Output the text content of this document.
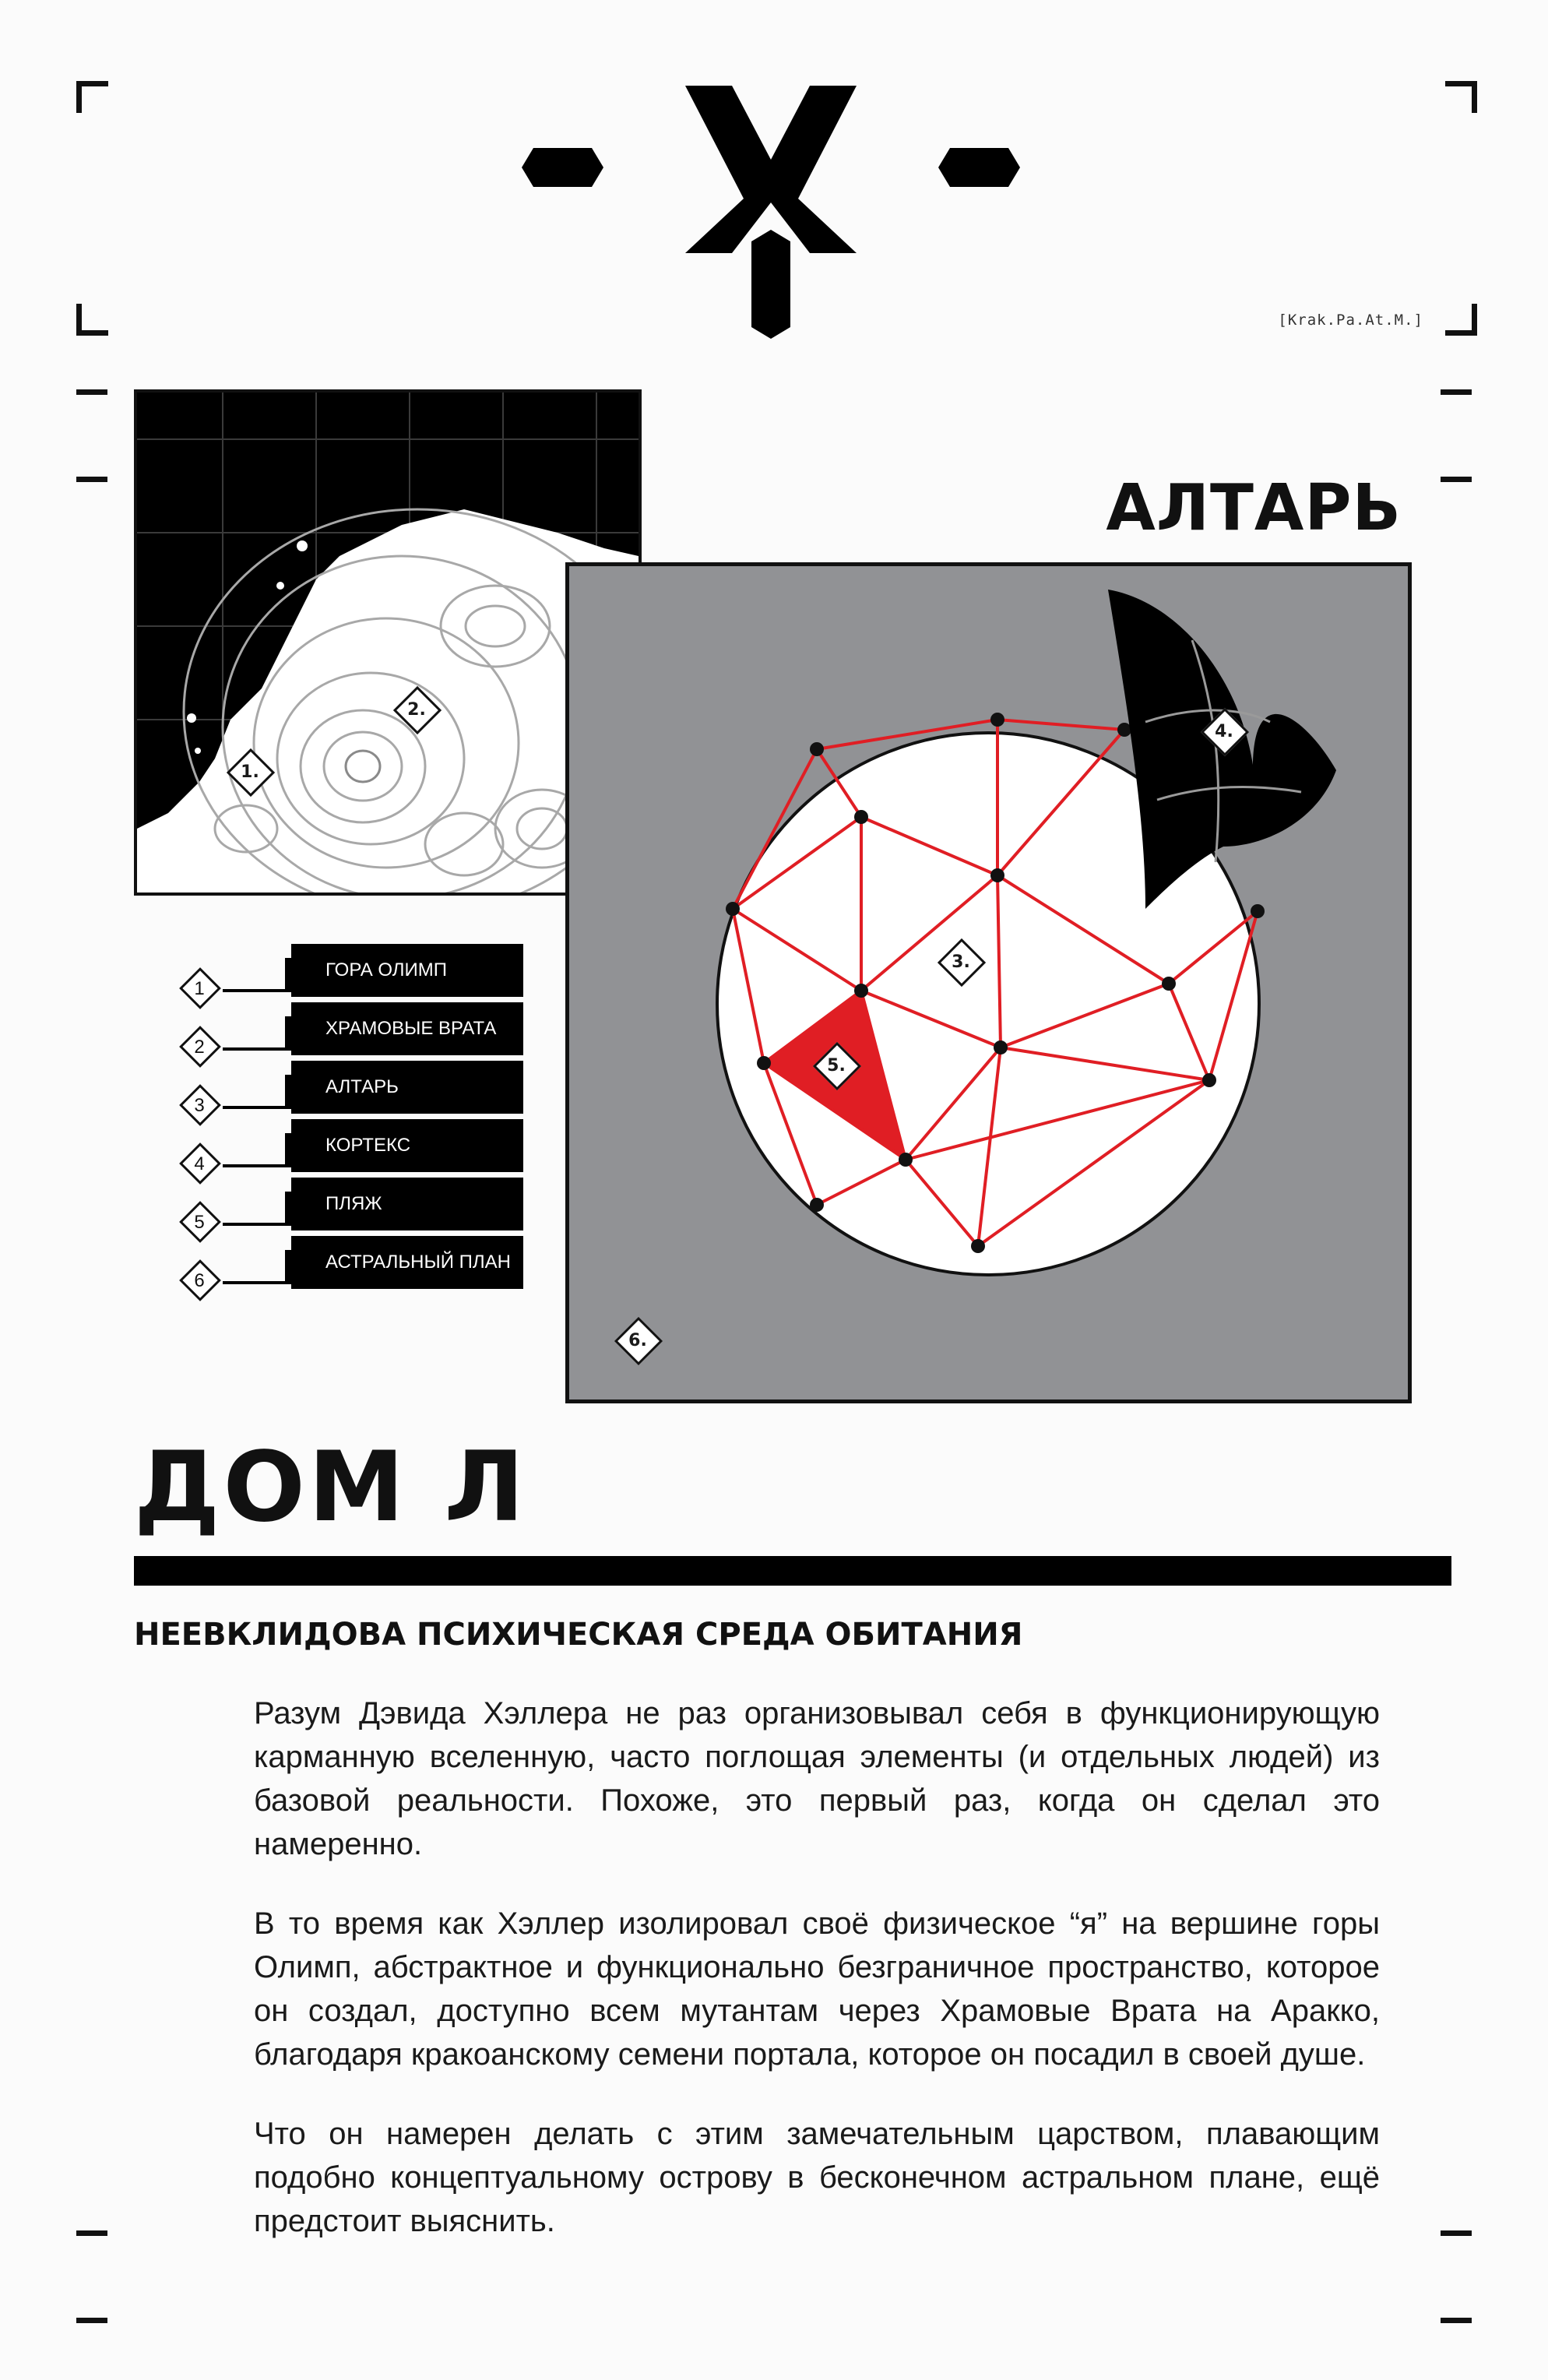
[Krak.Pa.At.M.]
1.
2.
АЛТАРЬ
4.
3.
5.
6.
1
ГОРА ОЛИМП
2
ХРАМОВЫЕ ВРАТА
3
АЛТАРЬ
4
КОРТЕКС
5
ПЛЯЖ
6
АСТРАЛЬНЫЙ ПЛАН
ДОМ Л
НЕЕВКЛИДОВА ПСИХИЧЕСКАЯ СРЕДА ОБИТАНИЯ

Разум Дэвида Хэллера не раз организовывал себя в функционирующую карманную вселенную, часто поглощая элементы (и отдельных людей) из базовой реальности. Похоже, это первый раз, когда он сделал это намеренно.

В то время как Хэллер изолировал своё физическое “я” на вершине горы Олимп, абстрактное и функционально безграничное пространство, которое он создал, доступно всем мутантам через Храмовые Врата на Аракко, благодаря кракоанскому семени портала, которое он посадил в своей душе.

Что он намерен делать с этим замечательным царством, плавающим подобно концептуальному острову в бесконечном астральном плане, ещё предстоит выяснить.
